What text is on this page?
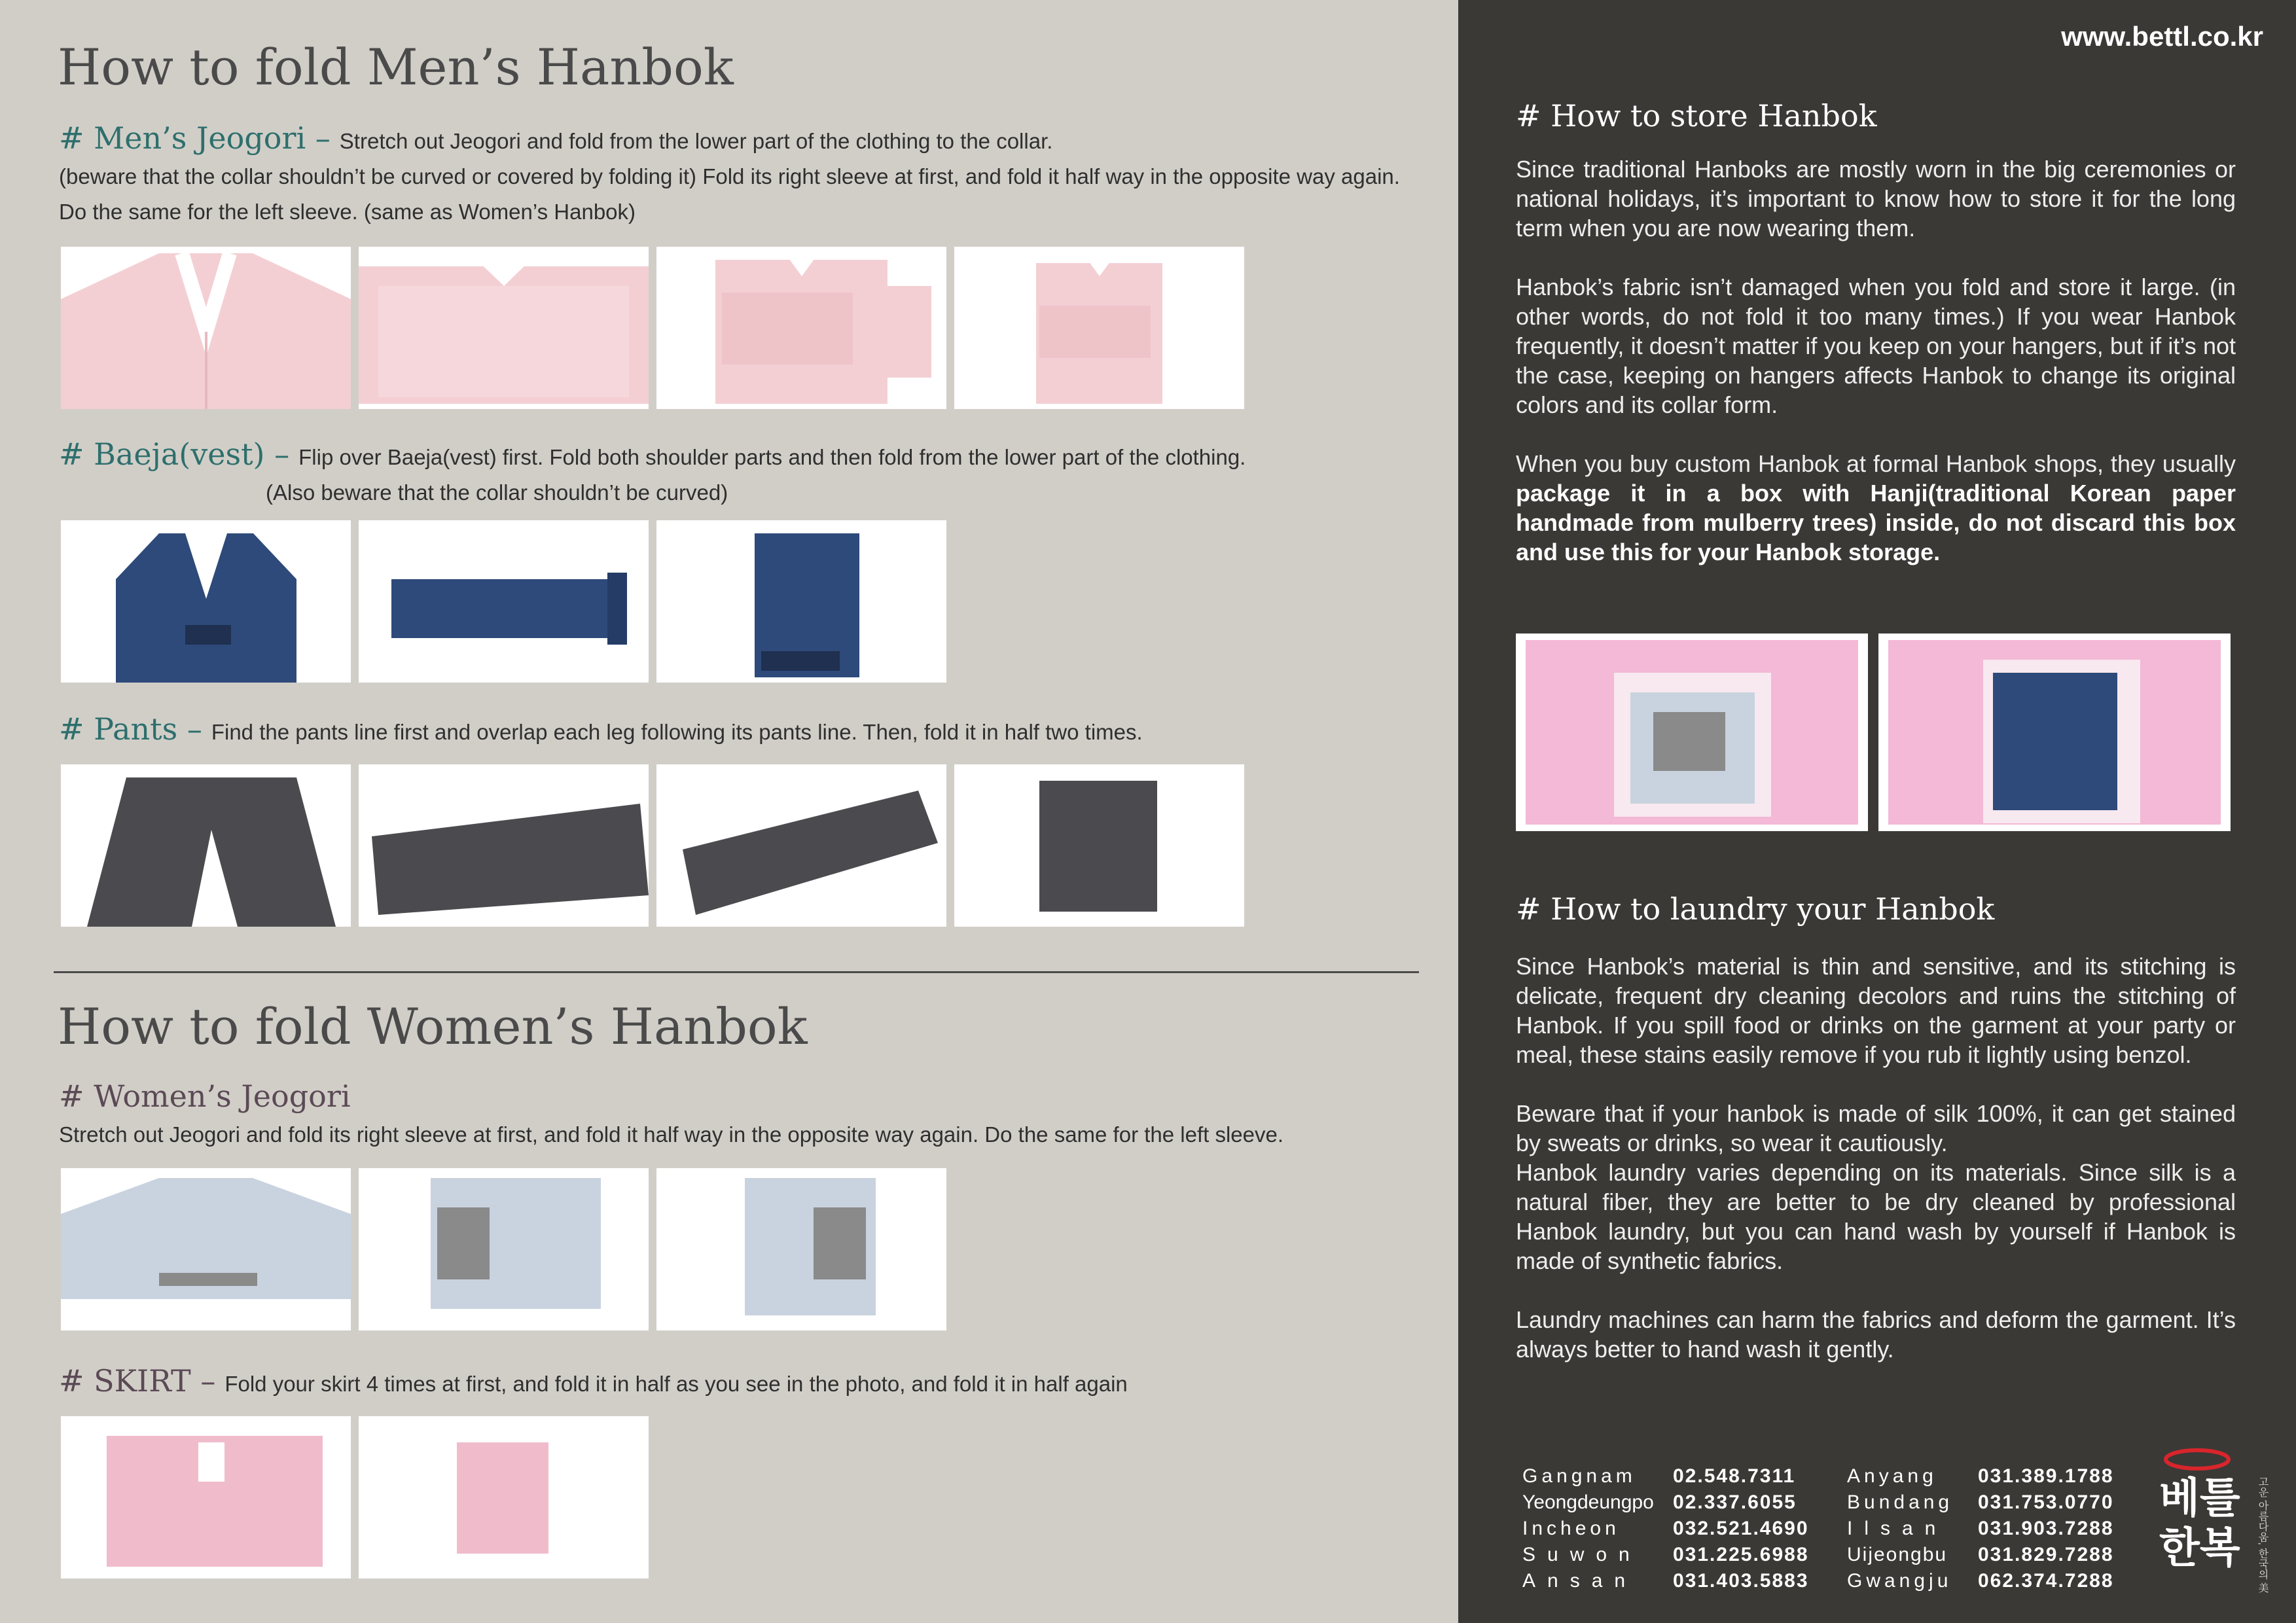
How to fold Men’s Hanbok
# Men’s Jeogori – Stretch out Jeogori and fold from the lower part of the clothing to the collar.
(beware that the collar shouldn’t be curved or covered by folding it) Fold its right sleeve at first, and fold it half way in the opposite way again.
Do the same for the left sleeve. (same as Women’s Hanbok)
# Baeja(vest) – Flip over Baeja(vest) first. Fold both shoulder parts and then fold from the lower part of the clothing.
(Also beware that the collar shouldn’t be curved)
# Pants – Find the pants line first and overlap each leg following its pants line. Then, fold it in half two times.
How to fold Women’s Hanbok
# Women’s Jeogori
Stretch out Jeogori and fold its right sleeve at first, and fold it half way in the opposite way again. Do the same for the left sleeve.
# SKIRT – Fold your skirt 4 times at first, and fold it in half as you see in the photo, and fold it in half again
www.bettl.co.kr
# How to store Hanbok

Since traditional Hanboks are mostly worn in the big ceremonies or national holidays, it’s important to know how to store it for the long term when you are now wearing them.

Hanbok’s fabric isn’t damaged when you fold and store it large. (in other words, do not fold it too many times.) If you wear Hanbok frequently, it doesn’t matter if you keep on your hangers, but if it’s not the case, keeping on hangers affects Hanbok to change its original colors and its collar form.

When you buy custom Hanbok at formal Hanbok shops, they usually package it in a box with Hanji(traditional Korean paper handmade from mulberry trees) inside, do not discard this box and use this for your Hanbok storage.

# How to laundry your Hanbok

Since Hanbok’s material is thin and sensitive, and its stitching is delicate, frequent dry cleaning decolors and ruins the stitching of Hanbok. If you spill food or drinks on the garment at your party or meal, these stains easily remove if you rub it lightly using benzol.

Beware that if your hanbok is made of silk 100%, it can get stained by sweats or drinks, so wear it cautiously.

Hanbok laundry varies depending on its materials. Since silk is a natural fiber, they are better to be dry cleaned by professional Hanbok laundry, but you can hand wash by yourself if Hanbok is made of synthetic fabrics.

Laundry machines can harm the fabrics and deform the garment. It’s always better to hand wash it gently.

Gangnam	02.548.7311
Yeongdeungpo 02.337.6055
Incheon	032.521.4690
Suwon	031.225.6988
Ansan	031.403.5883
Anyang	031.389.1788
Bundang	031.753.0770
Ilsan	031.903.7288
Uijeongbu	031.829.7288
Gwangju	062.374.7288
베틀
한복	고운 아름다움, 한국의 美
